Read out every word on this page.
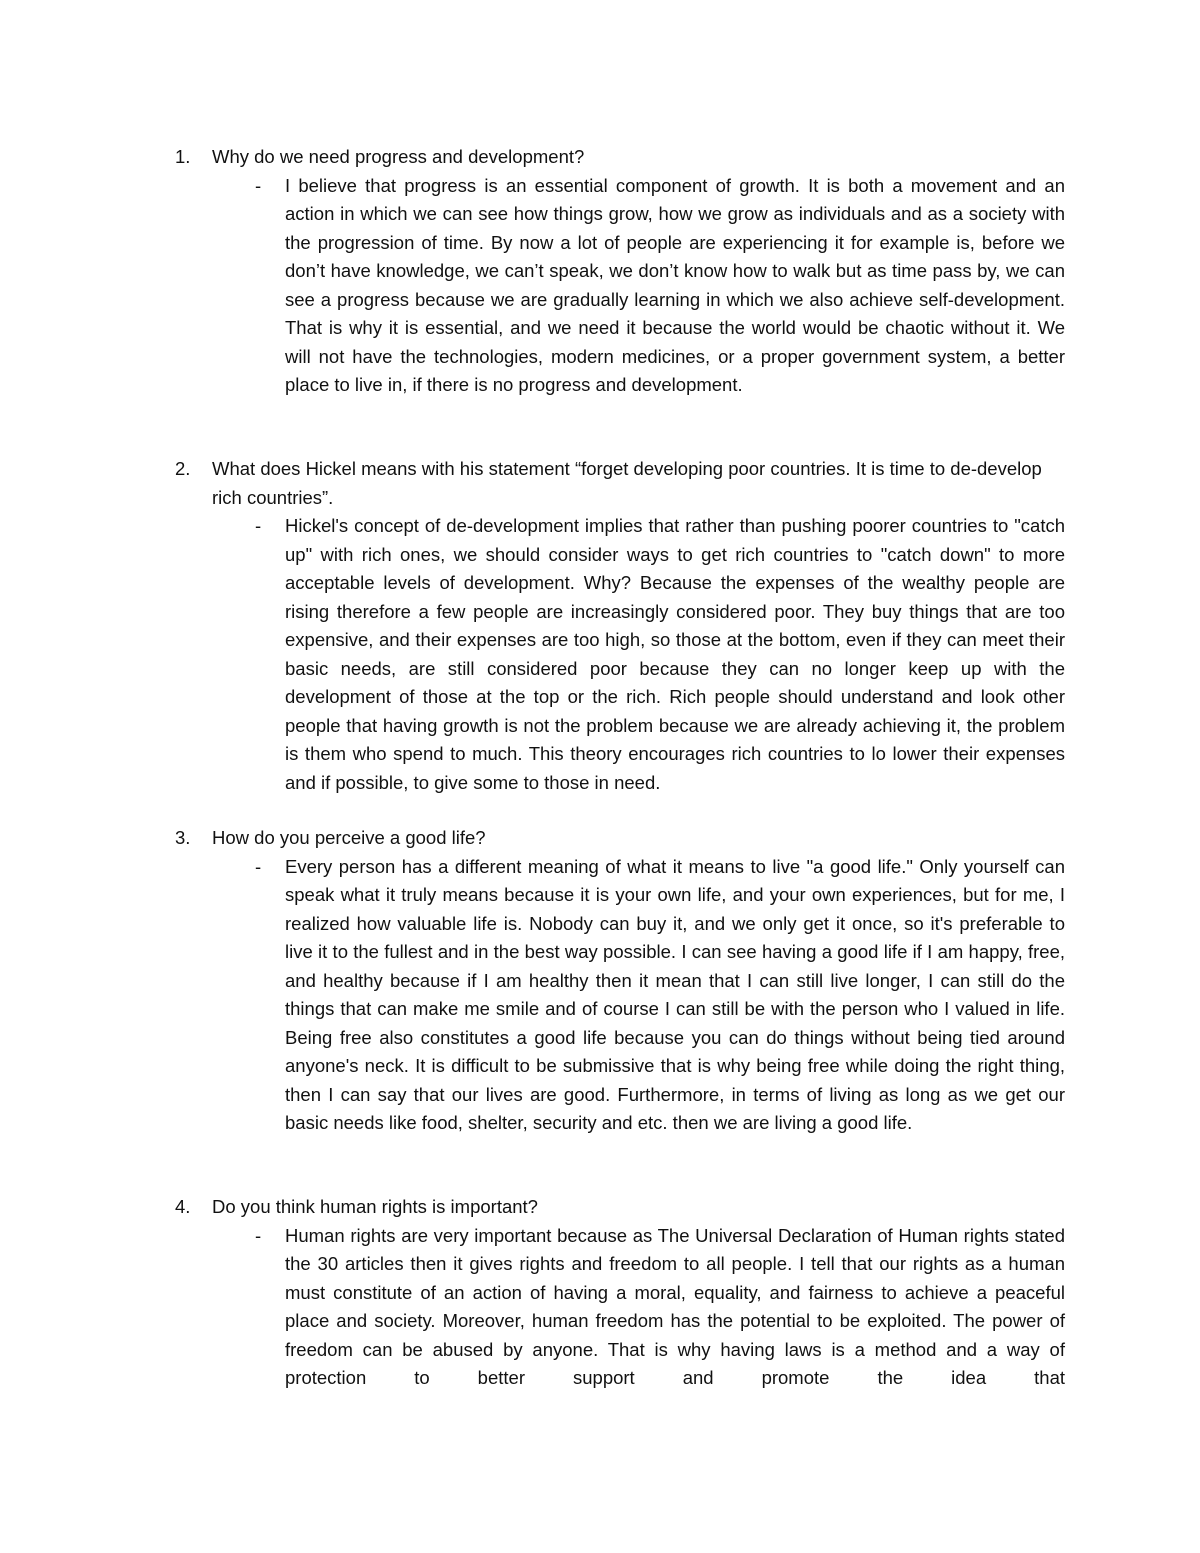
1.	Why do we need progress and development?
-	I believe that progress is an essential component of growth. It is both a movement and an action in which we can see how things grow, how we grow as individuals and as a society with the progression of time. By now a lot of people are experiencing it for example is, before we don’t have knowledge, we can’t speak, we don’t know how to walk but as time pass by, we can see a progress because we are gradually learning in which we also achieve self-development. That is why it is essential, and we need it because the world would be chaotic without it. We will not have the technologies, modern medicines, or a proper government system, a better place to live in, if there is no progress and development.
2.	What does Hickel means with his statement “forget developing poor countries. It is time to de-develop rich countries”.
-	Hickel's concept of de-development implies that rather than pushing poorer countries to "catch up" with rich ones, we should consider ways to get rich countries to "catch down" to more acceptable levels of development. Why? Because the expenses of the wealthy people are rising therefore a few people are increasingly considered poor. They buy things that are too expensive, and their expenses are too high, so those at the bottom, even if they can meet their basic needs, are still considered poor because they can no longer keep up with the development of those at the top or the rich. Rich people should understand and look other people that having growth is not the problem because we are already achieving it, the problem is them who spend to much. This theory encourages rich countries to lo lower their expenses and if possible, to give some to those in need.
3.	How do you perceive a good life?
-	Every person has a different meaning of what it means to live "a good life." Only yourself can speak what it truly means because it is your own life, and your own experiences, but for me, I realized how valuable life is. Nobody can buy it, and we only get it once, so it's preferable to live it to the fullest and in the best way possible. I can see having a good life if I am happy, free, and healthy because if I am healthy then it mean that I can still live longer, I can still do the things that can make me smile and of course I can still be with the person who I valued in life. Being free also constitutes a good life because you can do things without being tied around anyone's neck. It is difficult to be submissive that is why being free while doing the right thing, then I can say that our lives are good. Furthermore, in terms of living as long as we get our basic needs like food, shelter, security and etc. then we are living a good life.
4.	Do you think human rights is important?
-	Human rights are very important because as The Universal Declaration of Human rights stated the 30 articles then it gives rights and freedom to all people. I tell that our rights as a human must constitute of an action of having a moral, equality, and fairness to achieve a peaceful place and society. Moreover, human freedom has the potential to be exploited. The power of freedom can be abused by anyone. That is why having laws is a method and a way of protection to better support and promote the idea that
